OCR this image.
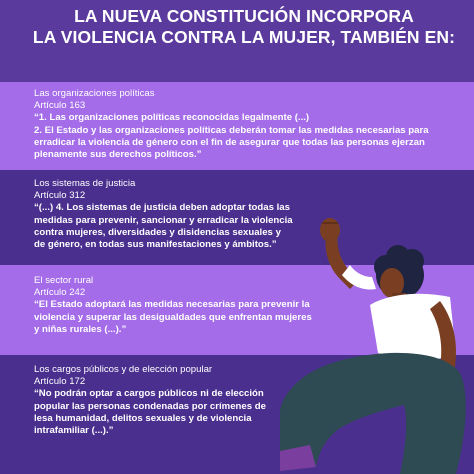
LA NUEVA CONSTITUCIÓN INCORPORA
LA VIOLENCIA CONTRA LA MUJER, TAMBIÉN EN:
Las organizaciones políticas
Artículo 163
“1. Las organizaciones políticas reconocidas legalmente (...)
2. El Estado y las organizaciones políticas deberán tomar las medidas necesarias para
erradicar la violencia de género con el fin de asegurar que todas las personas ejerzan
plenamente sus derechos políticos.”
Los sistemas de justicia
Artículo 312
“(...) 4. Los sistemas de justicia deben adoptar todas las
medidas para prevenir, sancionar y erradicar la violencia
contra mujeres, diversidades y disidencias sexuales y
de género, en todas sus manifestaciones y ámbitos.”
El sector rural
Artículo 242
“El Estado adoptará las medidas necesarias para prevenir la
violencia y superar las desigualdades que enfrentan mujeres
y niñas rurales (...).”
Los cargos públicos y de elección popular
Artículo 172
“No podrán optar a cargos públicos ni de elección
popular las personas condenadas por crímenes de
lesa humanidad, delitos sexuales y de violencia
intrafamiliar (...).”
